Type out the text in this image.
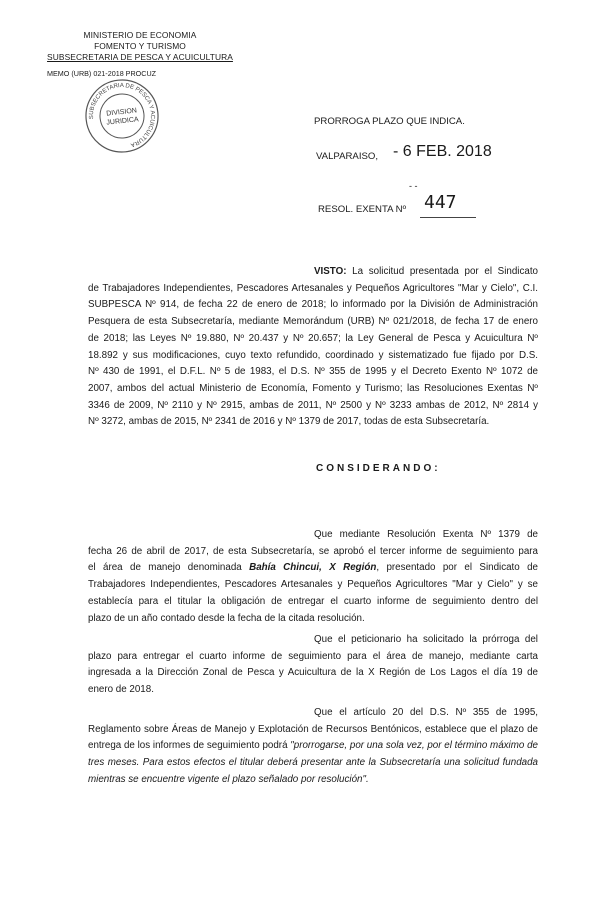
MINISTERIO DE ECONOMIA
FOMENTO Y TURISMO
SUBSECRETARIA DE PESCA Y ACUICULTURA
MEMO (URB) 021-2018 PROCUZ
SUBSECRETARIA DE PESCA Y ACUICULTURA
DIVISION
JURIDICA	PRORROGA PLAZO QUE INDICA.
VALPARAISO, - 6 FEB. 2018
- -
RESOL. EXENTA Nº 447
VISTO: La solicitud presentada por el Sindicato
de Trabajadores Independientes, Pescadores Artesanales y Pequeños Agricultores "Mar y Cielo", C.I.
SUBPESCA Nº 914, de fecha 22 de enero de 2018; lo informado por la División de Administración
Pesquera de esta Subsecretaría, mediante Memorándum (URB) Nº 021/2018, de fecha 17 de enero
de 2018; las Leyes Nº 19.880, Nº 20.437 y Nº 20.657; la Ley General de Pesca y Acuicultura Nº
18.892 y sus modificaciones, cuyo texto refundido, coordinado y sistematizado fue fijado por D.S.
Nº 430 de 1991, el D.F.L. Nº 5 de 1983, el D.S. Nº 355 de 1995 y el Decreto Exento Nº 1072 de
2007, ambos del actual Ministerio de Economía, Fomento y Turismo; las Resoluciones Exentas Nº
3346 de 2009, Nº 2110 y Nº 2915, ambas de 2011, Nº 2500 y Nº 3233 ambas de 2012, Nº 2814 y
Nº 3272, ambas de 2015, Nº 2341 de 2016 y Nº 1379 de 2017, todas de esta Subsecretaría.
CONSIDERANDO:
Que mediante Resolución Exenta Nº 1379 de
fecha 26 de abril de 2017, de esta Subsecretaría, se aprobó el tercer informe de seguimiento para
el área de manejo denominada Bahía Chincui, X Región, presentado por el Sindicato de
Trabajadores Independientes, Pescadores Artesanales y Pequeños Agricultores "Mar y Cielo" y se
establecía para el titular la obligación de entregar el cuarto informe de seguimiento dentro del
plazo de un año contado desde la fecha de la citada resolución.
Que el peticionario ha solicitado la prórroga del
plazo para entregar el cuarto informe de seguimiento para el área de manejo, mediante carta
ingresada a la Dirección Zonal de Pesca y Acuicultura de la X Región de Los Lagos el día 19 de
enero de 2018.
Que el artículo 20 del D.S. Nº 355 de 1995,
Reglamento sobre Áreas de Manejo y Explotación de Recursos Bentónicos, establece que el plazo de
entrega de los informes de seguimiento podrá "prorrogarse, por una sola vez, por el término máximo de
tres meses. Para estos efectos el titular deberá presentar ante la Subsecretaría una solicitud fundada
mientras se encuentre vigente el plazo señalado por resolución".
